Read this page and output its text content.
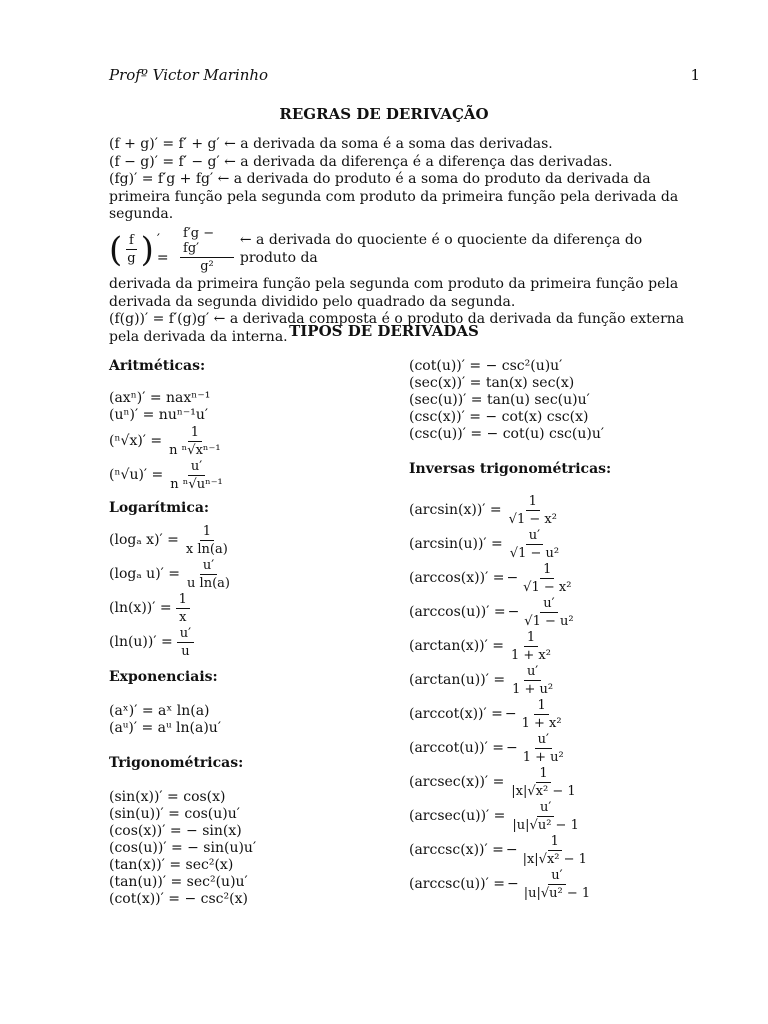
Profº Victor Marinho	1
REGRAS DE DERIVAÇÃO

(f + g)′ = f′ + g′ ← a derivada da soma é a soma das derivadas.

(f − g)′ = f′ − g′ ← a derivada da diferença é a diferença das derivadas.

(fg)′ = f′g + fg′ ← a derivada do produto é a soma do produto da derivada da primeira função pela segunda com produto da primeira função pela derivada da segunda.

( $\frac{f}{g}$ ) ′ = $\frac{f'g - fg'}{\text{g²}}$ ← a derivada do quociente é o quociente da diferença do produto da

derivada da primeira função pela segunda com produto da primeira função pela derivada da segunda dividido pelo quadrado da segunda.

(f(g))′ = f′(g)g′ ← a derivada composta é o produto da derivada da função externa pela derivada da interna. TIPOS DE DERIVADAS
Aritméticas:
(axⁿ)′ = naxⁿ⁻¹
(uⁿ)′ = nuⁿ⁻¹u′
$(^n√x)' = \frac{1}{\text{n ⁿ√xⁿ⁻¹}}$
$(^n√u)' = \frac{u'}{\text{n ⁿ√uⁿ⁻¹}}$
Logarítmica:
(logₐ $x)' = \frac{1}{\text{x ln(a)}}$
(logₐ $u)' = \frac{u'}{\text{u ln(a)}}$
$(\ln(x))' = \frac{1}{x}$
$(\ln(u))' = \frac{u'}{u}$
Exponenciais:
(aˣ)′ = aˣ ln(a)
(aᵘ)′ = aᵘ ln(a)u′
Trigonométricas:
(sin(x))′ = cos(x)
(sin(u))′ = cos(u)u′
(cos(x))′ = − sin(x)
(cos(u))′ = − sin(u)u′
(tan(x))′ = sec²(x)
(tan(u))′ = sec²(u)u′
(cot(x))′ = − csc²(x)
(cot(u))′ = − csc²(u)u′
(sec(x))′ = tan(x) sec(x)
(sec(u))′ = tan(u) sec(u)u′
(csc(x))′ = − cot(x) csc(x)
(csc(u))′ = − cot(u) csc(u)u′
Inversas trigonométricas:
$(\arcsin(x))' = \frac{1}{\text{√1 − x²}}$
$(\arcsin(u))' = \frac{u'}{\text{√1 − u²}}$
(arccos(x))′ = − $\frac{1}{\text{√1 − x²}}$
(arccos(u))′ = − $\frac{u'}{\text{√1 − u²}}$
$(\arctan(x))' = \frac{1}{\text{1 + x²}}$
$(\arctan(u))' = \frac{u'}{\text{1 + u²}}$
(arccot(x))′ = − $\frac{1}{\text{1 + x²}}$
(arccot(u))′ = − $\frac{u'}{\text{1 + u²}}$
$(arcsec(x))' = \frac{1}{\text{|x|√x² − 1}}$
$(arcsec(u))' = \frac{u'}{\text{|u|√u² − 1}}$
(arccsc(x))′ = − $\frac{1}{\text{|x|√x² − 1}}$
(arccsc(u))′ = − $\frac{u'}{\text{|u|√u² − 1}}$
